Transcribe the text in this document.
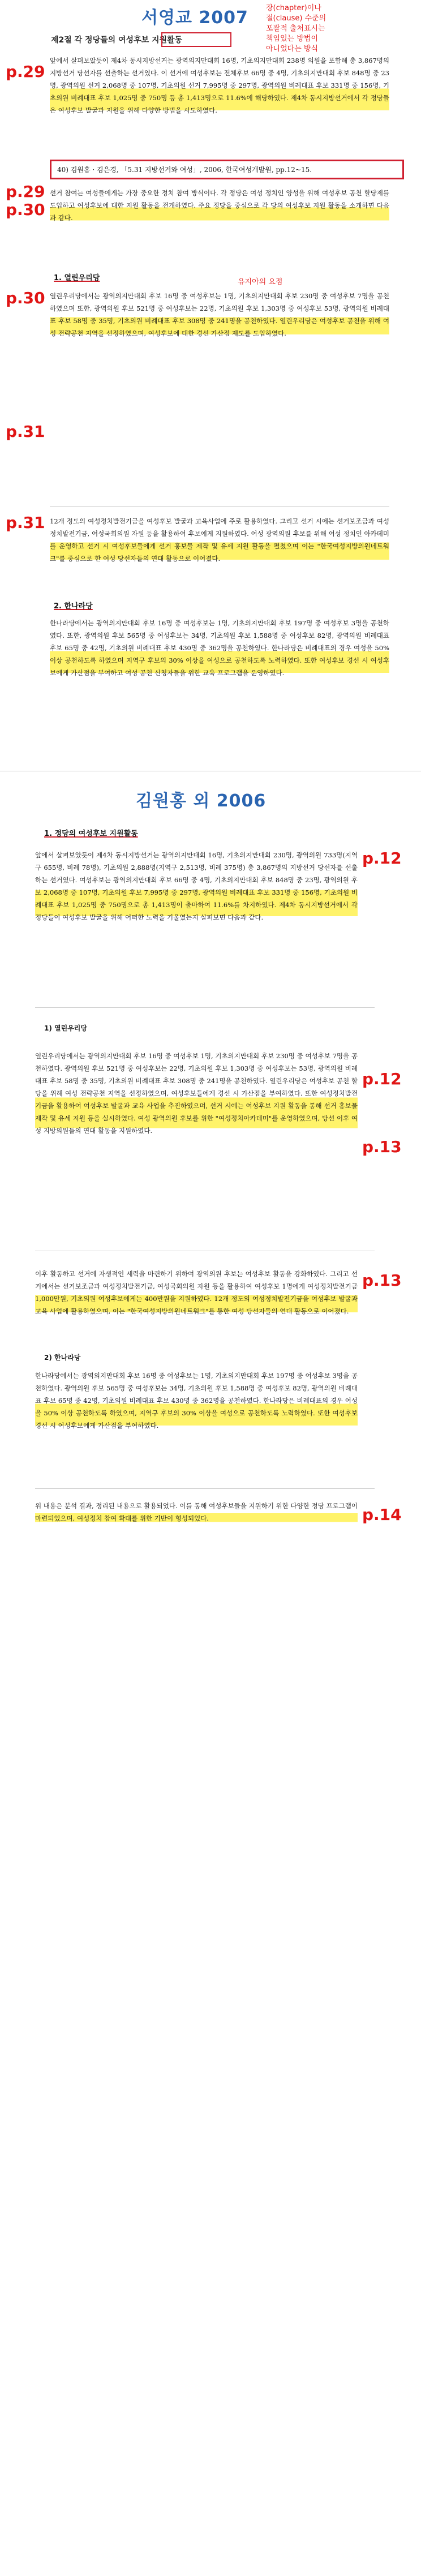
서영교 2007 장(chapter)이나
절(clause) 수준의
포괄적 출처표시는
책임있는 방법이
아니었다는 방식
제2절 각 정당들의 여성후보 지원활동
p.29
앞에서 살펴보았듯이 제4차 동시지방선거는 광역의지만대회 16명, 기초의지만대회 238명 의원을 포함해 총 3,867명의 지방선거 당선자를 선출하는 선거였다. 이 선거에 여성후보는 전체후보 66명 중 4명, 기초의지만대회 후보 848명 중 23명, 광역의원 선거 2,068명 중 107명, 기초의원 선거 7,995명 중 297명, 광역의원 비례대표 후보 331명 중 156명, 기초의원 비례대표 후보 1,025명 중 750명 등 총 1,413명으로 11.6%에 해당하였다. 제4차 동시지방선거에서 각 정당들은 여성후보 발굴과 지원을 위해 다양한 방법을 시도하였다.
40) 김원홍 · 김은경, 「5.31 지방선거와 여성」, 2006, 한국여성개발원, pp.12~15.
p.29
p.30
선거 참여는 여성들에게는 가장 중요한 정치 참여 방식이다. 각 정당은 여성 정치인 양성을 위해 여성후보 공천 할당제를 도입하고 여성후보에 대한 지원 활동을 전개하였다. 주요 정당을 중심으로 각 당의 여성후보 지원 활동을 소개하면 다음과 같다.
1. 열린우리당	유지아의 요점
p.30 열린우리당에서는 광역의지만대회 후보 16명 중 여성후보는 1명, 기초의지만대회 후보 230명 중 여성후보 7명을 공천하였으며 또한, 광역의원 후보 521명 중 여성후보는 22명, 기초의원 후보 1,303명 중 여성후보 53명, 광역의원 비례대표 후보 58명 중 35명, 기초의원 비례대표 후보 308명 중 241명을 공천하였다. 열린우리당은 여성후보 공천을 위해 여성 전략공천 지역을 선정하였으며, 여성후보에 대한 경선 가산점 제도를 도입하였다.
p.31
p.31 12개 정도의 여성정치발전기금을 여성후보 발굴과 교육사업에 주로 활용하였다. 그리고 선거 시에는 선거보조금과 여성정치발전기금, 여성국회의원 자원 등을 활용하여 후보에게 지원하였다. 여성 광역의원 후보를 위해 여성 정치인 아카데미를 운영하고 선거 시 여성후보들에게 선거 홍보물 제작 및 유세 지원 활동을 펼쳤으며 이는 "한국여성지방의원네트워크"를 중심으로 한 여성 당선자들의 연대 활동으로 이어졌다.
2. 한나라당
한나라당에서는 광역의지만대회 후보 16명 중 여성후보는 1명, 기초의지만대회 후보 197명 중 여성후보 3명을 공천하였다. 또한, 광역의원 후보 565명 중 여성후보는 34명, 기초의원 후보 1,588명 중 여성후보 82명, 광역의원 비례대표 후보 65명 중 42명, 기초의원 비례대표 후보 430명 중 362명을 공천하였다. 한나라당은 비례대표의 경우 여성을 50% 이상 공천하도록 하였으며 지역구 후보의 30% 이상을 여성으로 공천하도록 노력하였다. 또한 여성후보 경선 시 여성후보에게 가산점을 부여하고 여성 공천 신청자들을 위한 교육 프로그램을 운영하였다.
김원홍 외 2006
1. 정당의 여성후보 지원활동
p.12
앞에서 살펴보았듯이 제4차 동시지방선거는 광역의지만대회 16명, 기초의지만대회 230명, 광역의원 733명(지역구 655명, 비례 78명), 기초의원 2,888명(지역구 2,513명, 비례 375명) 총 3,867명의 지방선거 당선자를 선출하는 선거였다. 여성후보는 광역의지만대회 후보 66명 중 4명, 기초의지만대회 후보 848명 중 23명, 광역의원 후보 2,068명 중 107명, 기초의원 후보 7,995명 중 297명, 광역의원 비례대표 후보 331명 중 156명, 기초의원 비례대표 후보 1,025명 중 750명으로 총 1,413명이 출마하여 11.6%를 차지하였다. 제4차 동시지방선거에서 각 정당들이 여성후보 발굴을 위해 어떠한 노력을 기울였는지 살펴보면 다음과 같다.
1) 열린우리당
p.12
p.13
열린우리당에서는 광역의지만대회 후보 16명 중 여성후보 1명, 기초의지만대회 후보 230명 중 여성후보 7명을 공천하였다. 광역의원 후보 521명 중 여성후보는 22명, 기초의원 후보 1,303명 중 여성후보는 53명, 광역의원 비례대표 후보 58명 중 35명, 기초의원 비례대표 후보 308명 중 241명을 공천하였다. 열린우리당은 여성후보 공천 할당을 위해 여성 전략공천 지역을 선정하였으며, 여성후보들에게 경선 시 가산점을 부여하였다. 또한 여성정치발전기금을 활용하여 여성후보 발굴과 교육 사업을 추진하였으며, 선거 시에는 여성후보 지원 활동을 통해 선거 홍보물 제작 및 유세 지원 등을 실시하였다. 여성 광역의원 후보를 위한 "여성정치아카데미"를 운영하였으며, 당선 이후 여성 지방의원들의 연대 활동을 지원하였다.
p.13
이후 활동하고 선거에 자생적인 세력을 마련하기 위하여 광역의원 후보는 여성후보 활동을 강화하였다. 그리고 선거에서는 선거보조금과 여성정치발전기금, 여성국회의원 자원 등을 활용하여 여성후보 1명에게 여성정치발전기금 1,000만원, 기초의원 여성후보에게는 400만원을 지원하였다. 12개 정도의 여성정치발전기금을 여성후보 발굴과 교육 사업에 활용하였으며, 이는 "한국여성지방의원네트워크"를 통한 여성 당선자들의 연대 활동으로 이어졌다.
2) 한나라당
한나라당에서는 광역의지만대회 후보 16명 중 여성후보는 1명, 기초의지만대회 후보 197명 중 여성후보 3명을 공천하였다. 광역의원 후보 565명 중 여성후보는 34명, 기초의원 후보 1,588명 중 여성후보 82명, 광역의원 비례대표 후보 65명 중 42명, 기초의원 비례대표 후보 430명 중 362명을 공천하였다. 한나라당은 비례대표의 경우 여성을 50% 이상 공천하도록 하였으며, 지역구 후보의 30% 이상을 여성으로 공천하도록 노력하였다. 또한 여성후보 경선 시 여성후보에게 가산점을 부여하였다.
p.14
위 내용은 분석 결과, 정리된 내용으로 활용되었다. 이를 통해 여성후보들을 지원하기 위한 다양한 정당 프로그램이 마련되었으며, 여성정치 참여 확대를 위한 기반이 형성되었다.
